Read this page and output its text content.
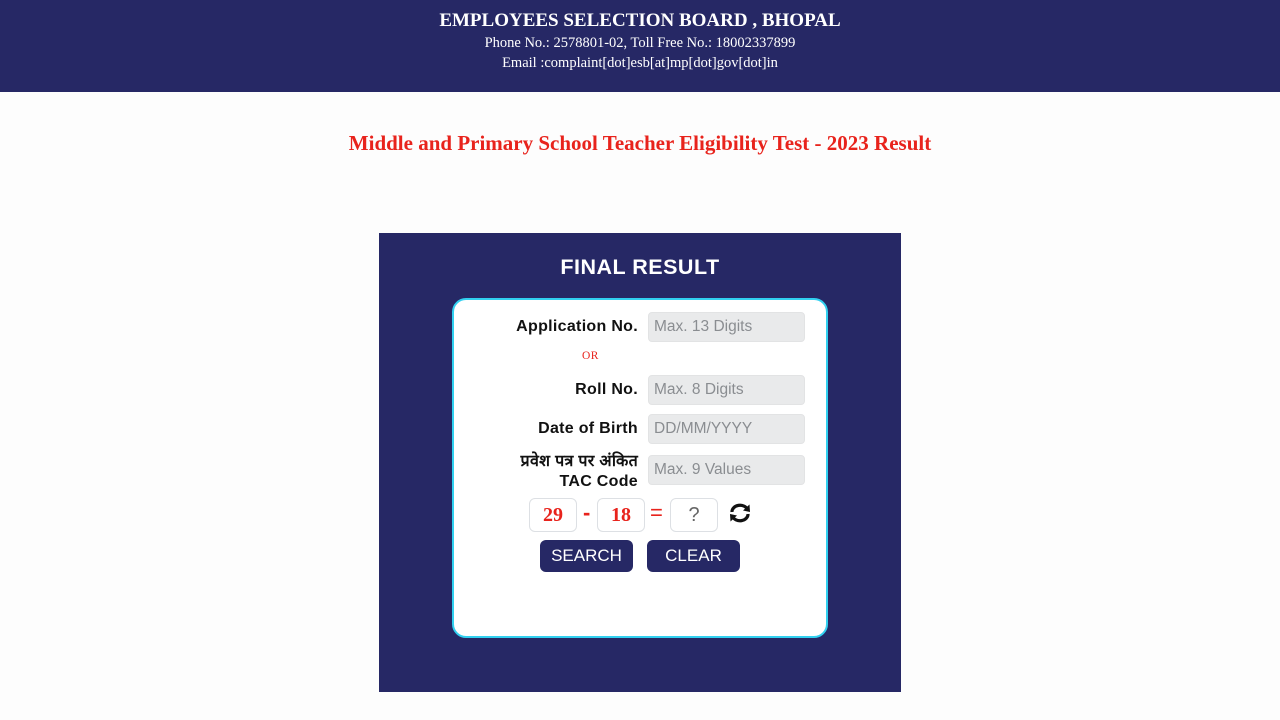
EMPLOYEES SELECTION BOARD , BHOPAL
Phone No.: 2578801-02, Toll Free No.: 18002337899
Email :complaint[dot]esb[at]mp[dot]gov[dot]in
Middle and Primary School Teacher Eligibility Test - 2023 Result
FINAL RESULT
Application No.
Max. 13 Digits
OR
Roll No.
Max. 8 Digits
Date of Birth
DD/MM/YYYY
प्रवेश पत्र पर अंकित
TAC Code
Max. 9 Values
29 -	18 =
?
SEARCH	CLEAR
